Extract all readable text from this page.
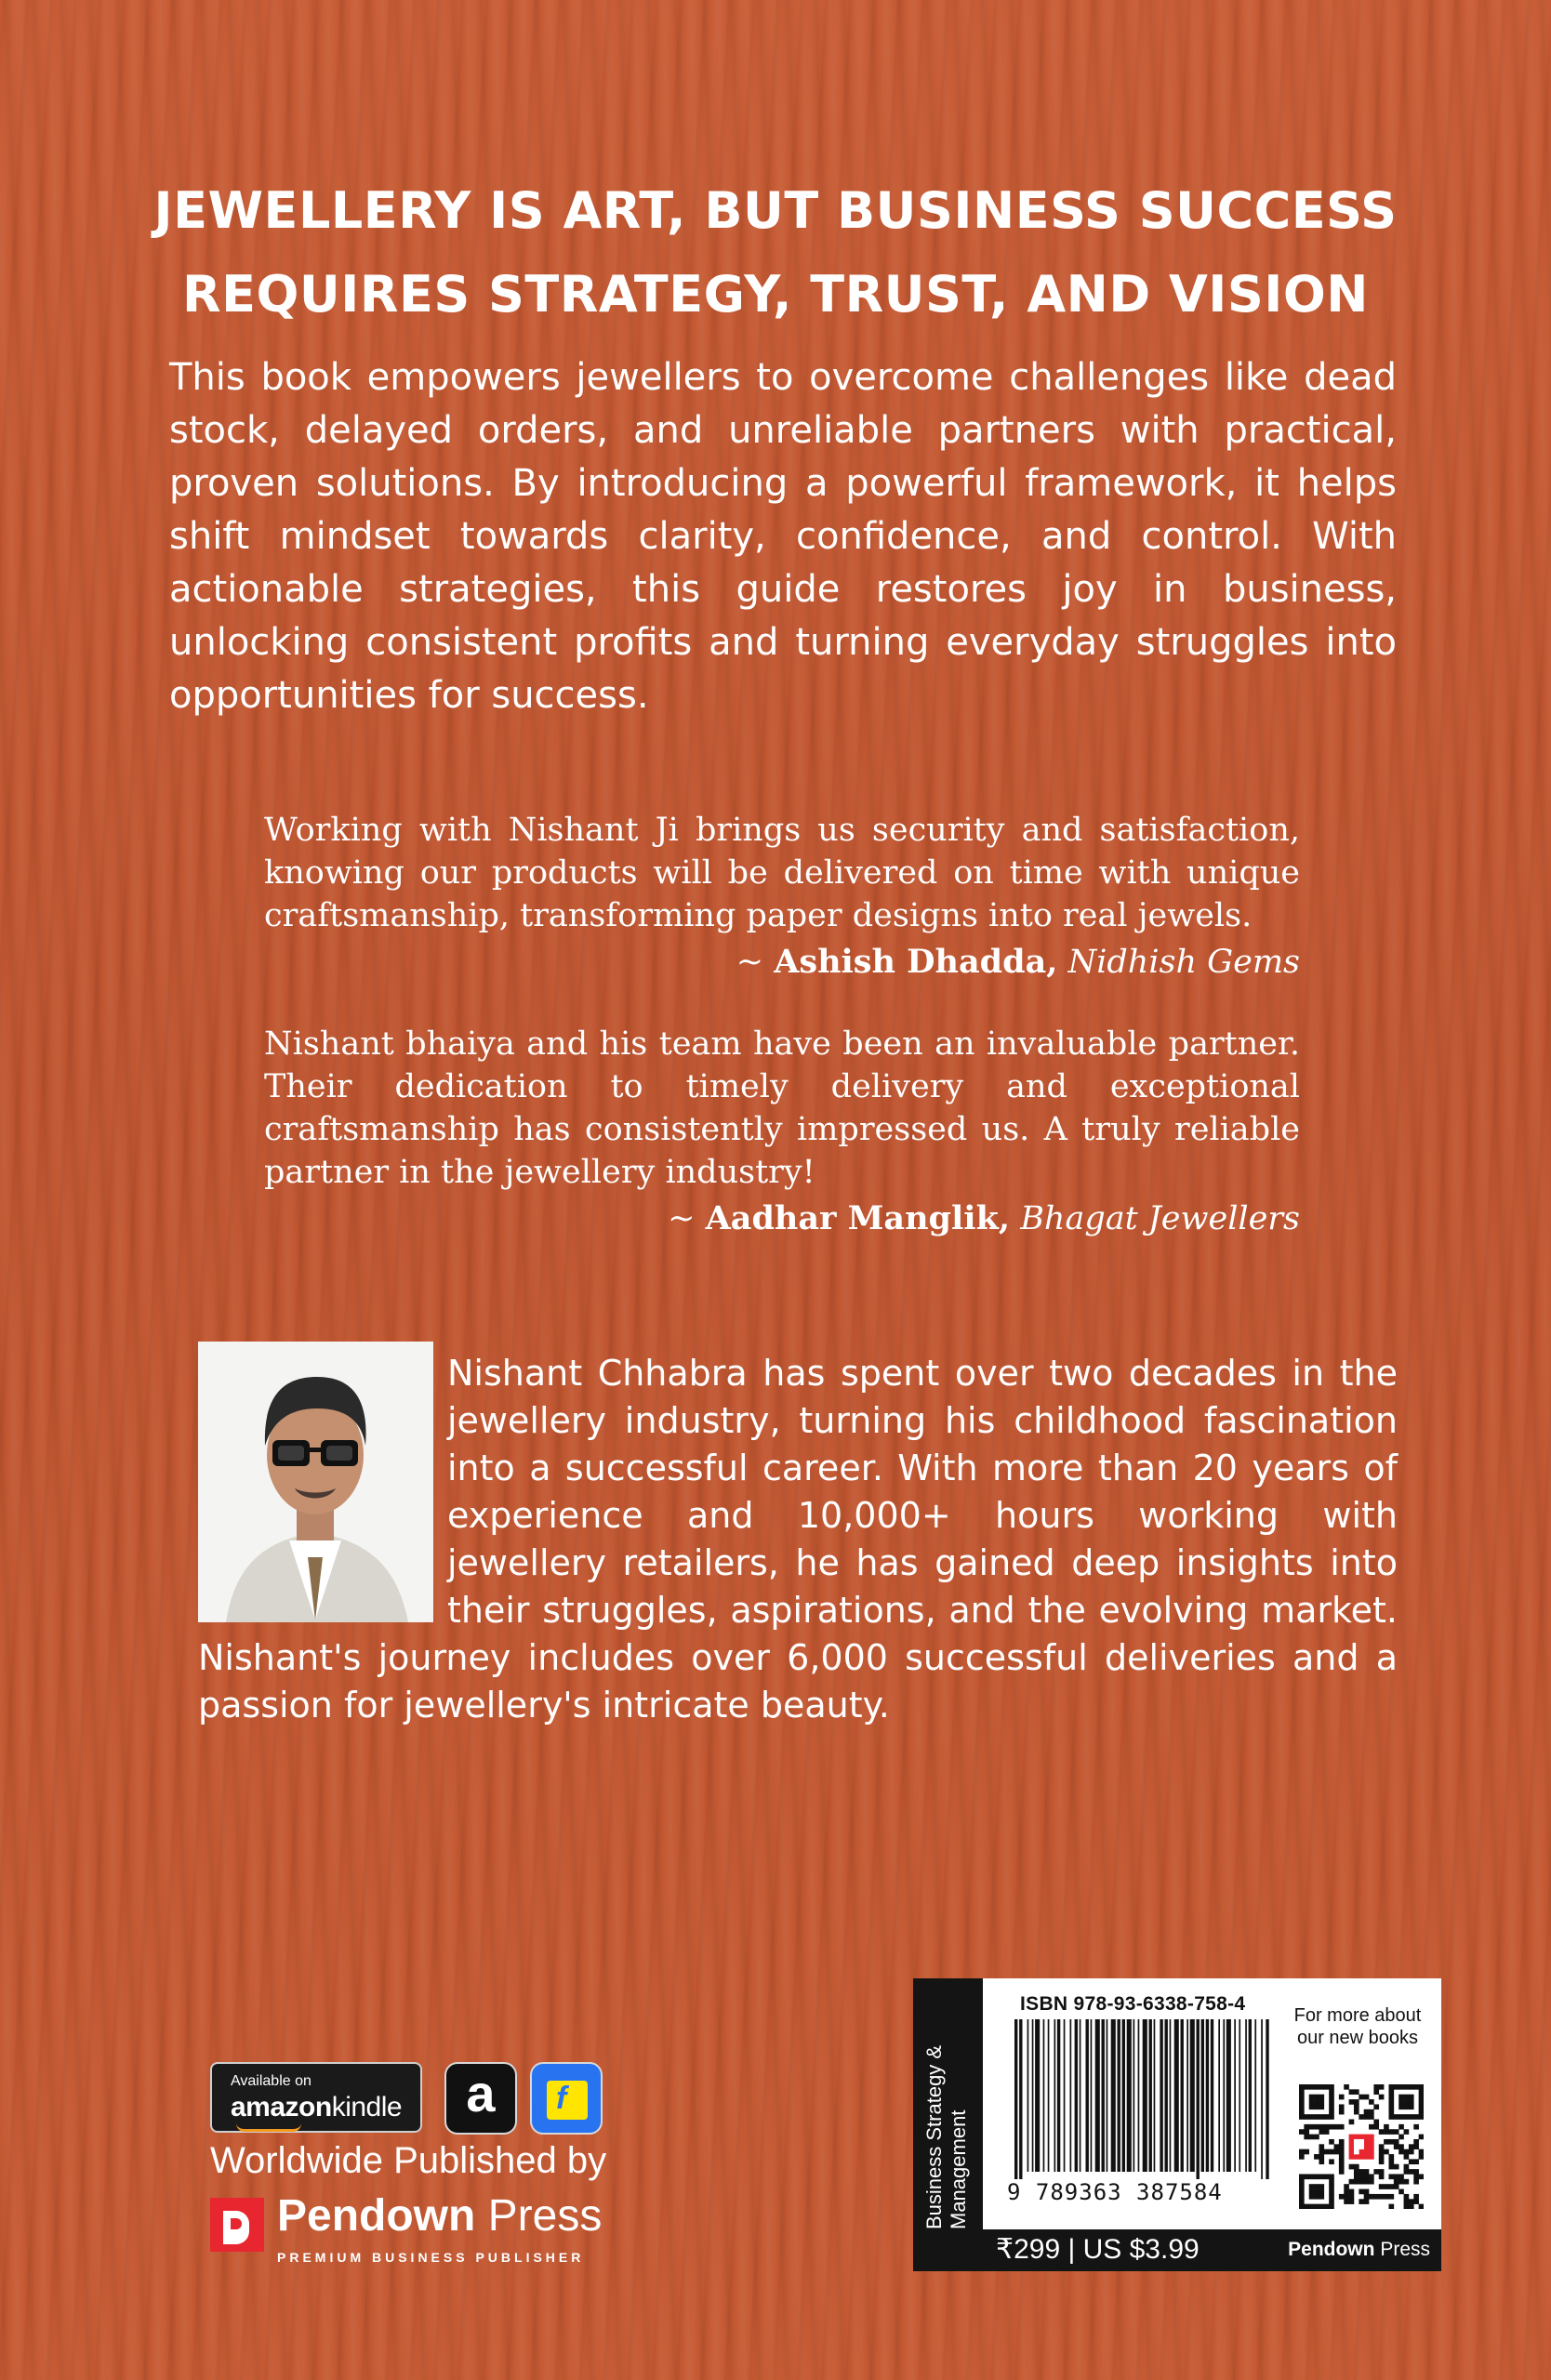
JEWELLERY IS ART, BUT BUSINESS SUCCESS
REQUIRES STRATEGY, TRUST, AND VISION

This book empowers jewellers to overcome challenges like dead stock, delayed orders, and unreliable partners with practical, proven solutions. By introducing a powerful framework, it helps shift mindset towards clarity, confidence, and control. With actionable strategies, this guide restores joy in business, unlocking consistent profits and turning everyday struggles into opportunities for success.

Working with Nishant Ji brings us security and satisfaction, knowing our products will be delivered on time with unique craftsmanship, transforming paper designs into real jewels.

~ Ashish Dhadda, Nidhish Gems

Nishant bhaiya and his team have been an invaluable partner. Their dedication to timely delivery and exceptional craftsmanship has consistently impressed us. A truly reliable partner in the jewellery industry!

~ Aadhar Manglik, Bhagat Jewellers

Nishant Chhabra has spent over two decades in the jewellery industry, turning his childhood fascination into a successful career. With more than 20 years of experience and 10,000+ hours working with jewellery retailers, he has gained deep insights into their struggles, aspirations, and the evolving market. Nishant's journey includes over 6,000 successful deliveries and a passion for jewellery's intricate beauty.

Available on
amazonkindle	a	f

Worldwide Published by

Pendown Press
PREMIUM BUSINESS PUBLISHER
Business Strategy & Management
ISBN 978-93-6338-758-4
9 789363 387584
For more about our new books
₹299 | US $3.99	Pendown Press
